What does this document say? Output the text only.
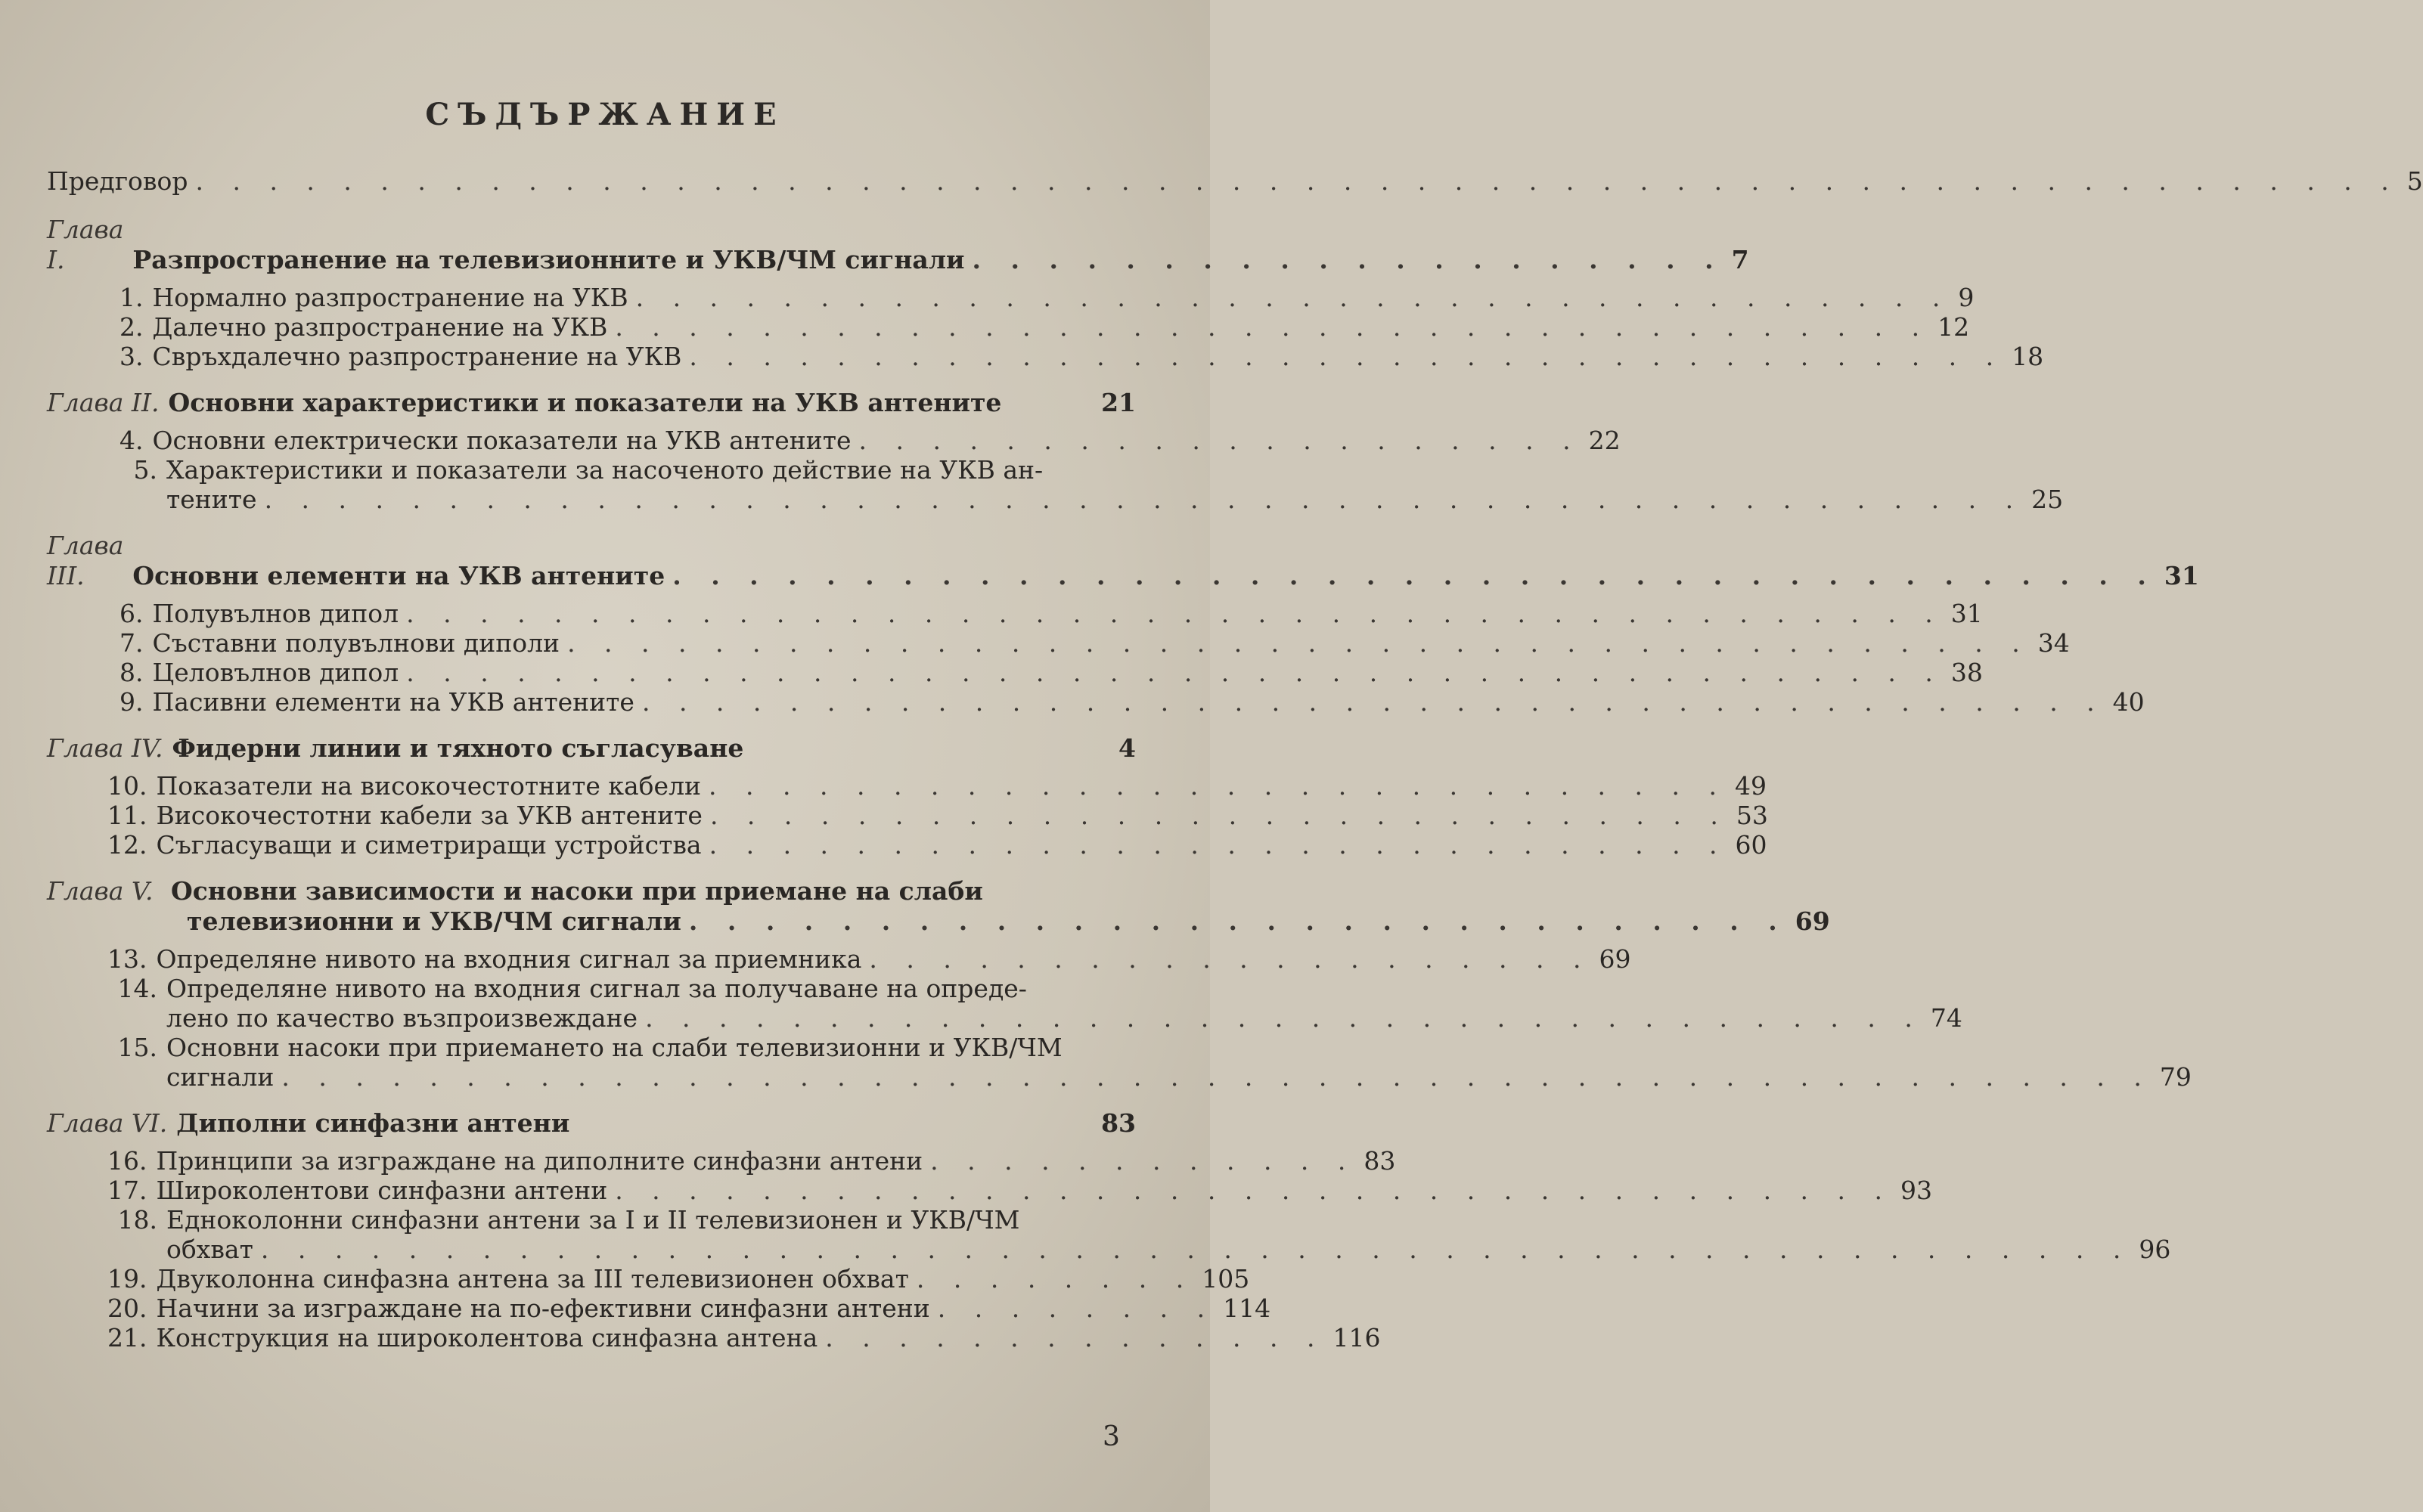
СЪДЪРЖАНИЕ
Предговор . . . . . . . . . . . . . . . . . . . . . . . . . . . . . . . . . . . . . . . . . . . . . . . . . . . . . . . . . . . . 5
Глава I.	Разпространение на телевизионните и УКВ/ЧМ сигнали . . . . . . . . . . . . . . . . . . . . 7
1. Нормално разпространение на УКВ . . . . . . . . . . . . . . . . . . . . . . . . . . . . . . . . . . . . 9
2. Далечно разпространение на УКВ . . . . . . . . . . . . . . . . . . . . . . . . . . . . . . . . . . . . 12
3. Свръхдалечно разпространение на УКВ . . . . . . . . . . . . . . . . . . . . . . . . . . . . . . . . . . . . 18
Глава II. Основни характеристики и показатели на УКВ антените	21
4. Основни електрически показатели на УКВ антените . . . . . . . . . . . . . . . . . . . . 22
5. Характеристики и показатели за насоченото действие на УКВ ан-
тените . . . . . . . . . . . . . . . . . . . . . . . . . . . . . . . . . . . . . . . . . . . . . . . . 25
Глава III.	Основни елементи на УКВ антените . . . . . . . . . . . . . . . . . . . . . . . . . . . . . . . . . . . . . . . 31
6. Полувълнов дипол . . . . . . . . . . . . . . . . . . . . . . . . . . . . . . . . . . . . . . . . . . 31
7. Съставни полувълнови диполи . . . . . . . . . . . . . . . . . . . . . . . . . . . . . . . . . . . . . . . . 34
8. Целовълнов дипол . . . . . . . . . . . . . . . . . . . . . . . . . . . . . . . . . . . . . . . . . . 38
9. Пасивни елементи на УКВ антените . . . . . . . . . . . . . . . . . . . . . . . . . . . . . . . . . . . . . . . . 40
Глава IV. Фидерни линии и тяхното съгласуване	4
10. Показатели на високочестотните кабели . . . . . . . . . . . . . . . . . . . . . . . . . . . . 49
11. Високочестотни кабели за УКВ антените . . . . . . . . . . . . . . . . . . . . . . . . . . . . 53
12. Съгласуващи и симетриращи устройства . . . . . . . . . . . . . . . . . . . . . . . . . . . . 60
Глава V. Основни зависимости и насоки при приемане на слаби
телевизионни и УКВ/ЧМ сигнали . . . . . . . . . . . . . . . . . . . . . . . . . . . . . 69
13. Определяне нивото на входния сигнал за приемника . . . . . . . . . . . . . . . . . . . . 69
14. Определяне нивото на входния сигнал за получаване на опреде-
лено по качество възпроизвеждане . . . . . . . . . . . . . . . . . . . . . . . . . . . . . . . . . . . 74
15. Основни насоки при приемането на слаби телевизионни и УКВ/ЧМ
сигнали . . . . . . . . . . . . . . . . . . . . . . . . . . . . . . . . . . . . . . . . . . . . . . . . . . . 79
Глава VI. Диполни синфазни антени	83
16. Принципи за изграждане на диполните синфазни антени . . . . . . . . . . . . 83
17. Широколентови синфазни антени . . . . . . . . . . . . . . . . . . . . . . . . . . . . . . . . . . . 93
18. Едноколонни синфазни антени за I и II телевизионен и УКВ/ЧМ
обхват . . . . . . . . . . . . . . . . . . . . . . . . . . . . . . . . . . . . . . . . . . . . . . . . . . . 96
19. Двуколонна синфазна антена за III телевизионен обхват . . . . . . . . 105
20. Начини за изграждане на по-ефективни синфазни антени . . . . . . . . 114
21. Конструкция на широколентова синфазна антена . . . . . . . . . . . . . . 116
3
